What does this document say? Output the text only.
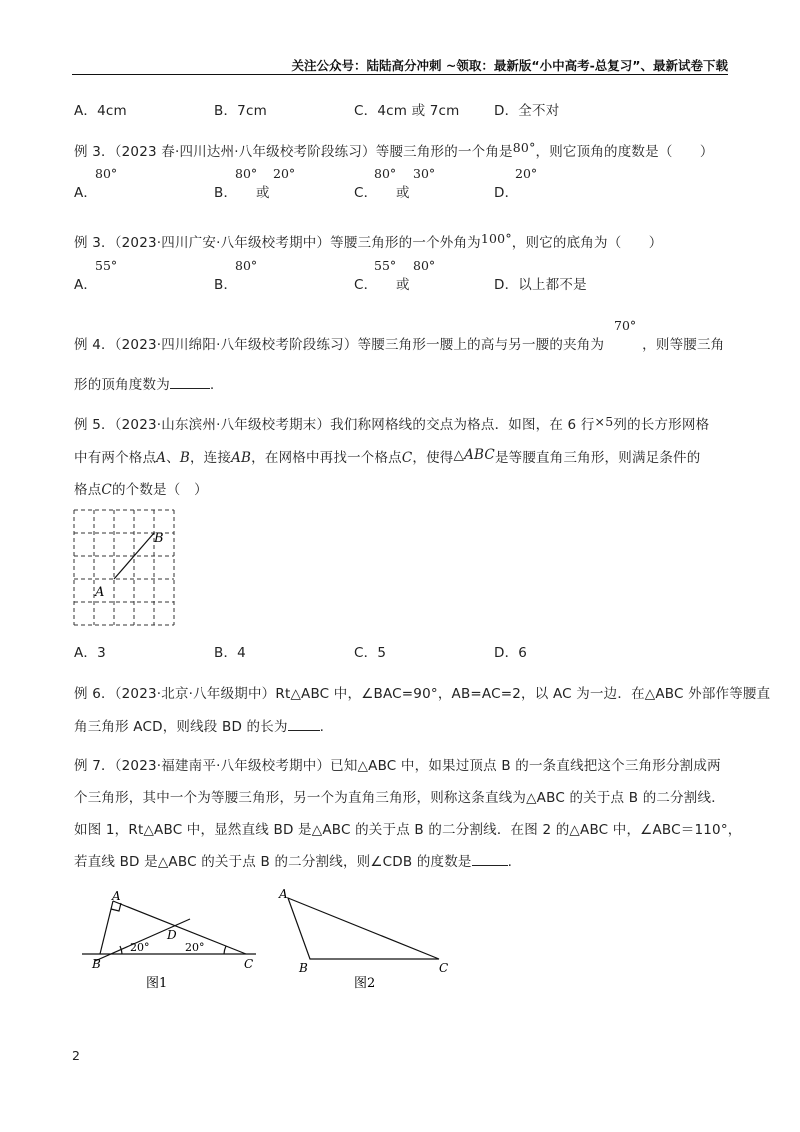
关注公众号：陆陆高分冲刺 ~领取：最新版“小中高考-总复习”、最新试卷下载
A．4cm	B．7cm	C．4cm 或 7cm	D．全不对
例 3．（2023 春·四川达州·八年级校考阶段练习）等腰三角形的一个角是80°，则它顶角的度数是（　　）
80°
A．
80° 20°
B． 或
80° 30°
C． 或
20°
D．
例 3．（2023·四川广安·八年级校考期中）等腰三角形的一个外角为100°，则它的底角为（　　）
55°
A．
80°
B．
55° 80°
C． 或	D．以上都不是
70°
例 4．（2023·四川绵阳·八年级校考阶段练习）等腰三角形一腰上的高与另一腰的夹角为	，则等腰三角
形的顶角度数为	.
例 5．（2023·山东滨州·八年级校考期末）我们称网格线的交点为格点．如图，在 6 行×5列的长方形网格
中有两个格点A、B，连接AB，在网格中再找一个格点C，使得△ABC是等腰直角三角形，则满足条件的
格点C的个数是（　）
A
B
A．3	B．4	C．5	D．6
例 6．（2023·北京·八年级期中）Rt△ABC 中，∠BAC=90°，AB=AC=2，以 AC 为一边．在△ABC 外部作等腰直
角三角形 ACD，则线段 BD 的长为 .
例 7．（2023·福建南平·八年级校考期中）已知△ABC 中，如果过顶点 B 的一条直线把这个三角形分割成两
个三角形，其中一个为等腰三角形，另一个为直角三角形，则称这条直线为△ABC 的关于点 B 的二分割线．
如图 1，Rt△ABC 中，显然直线 BD 是△ABC 的关于点 B 的二分割线．在图 2 的△ABC 中，∠ABC＝110°，
若直线 BD 是△ABC 的关于点 B 的二分割线，则∠CDB 的度数是	.
A
B	C
D
20°	20°
图1
A
B	C
图2
2
